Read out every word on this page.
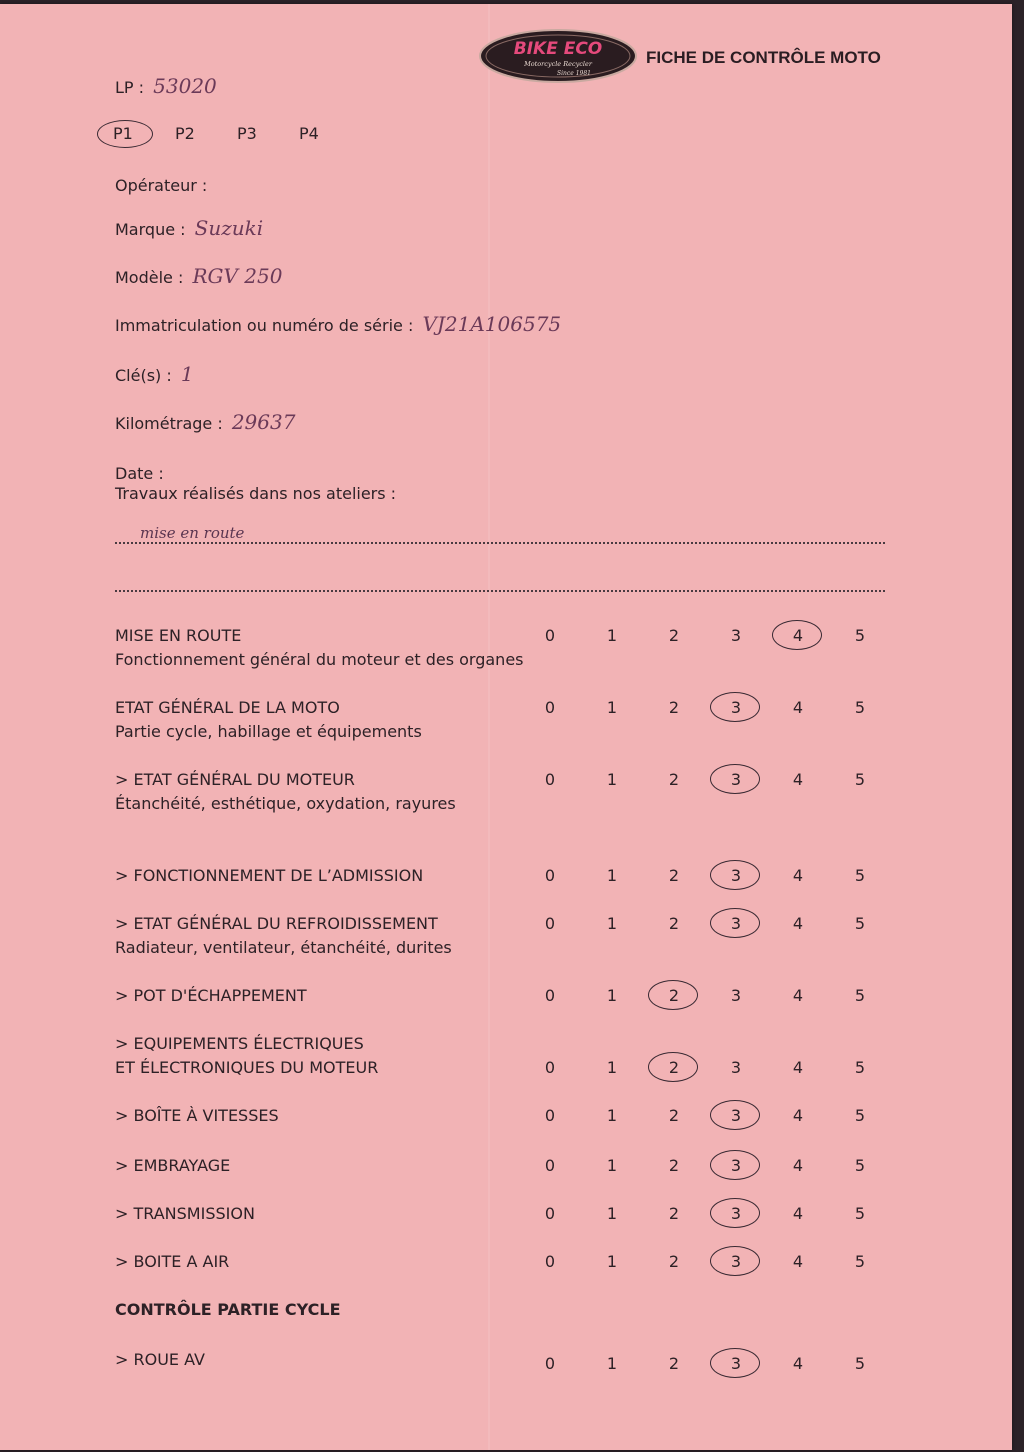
BIKE ECO
Motorcycle Recycler
Since 1981
FICHE DE CONTRÔLE MOTO
LP : 53020
P1	P2	P3	P4
Opérateur :
Marque : Suzuki
Modèle : RGV 250
Immatriculation ou numéro de série : VJ21A106575
Clé(s) : 1
Kilométrage : 29637
Date :
Travaux réalisés dans nos ateliers :
mise en route
MISE EN ROUTE
Fonctionnement général du moteur et des organes
0	1	2	3	4	5
ETAT GÉNÉRAL DE LA MOTO
Partie cycle, habillage et équipements
0	1	2	3	4	5
> ETAT GÉNÉRAL DU MOTEUR
Étanchéité, esthétique, oxydation, rayures
0	1	2	3	4	5
> FONCTIONNEMENT DE L’ADMISSION	0	1	2	3	4	5
> ETAT GÉNÉRAL DU REFROIDISSEMENT
Radiateur, ventilateur, étanchéité, durites
0	1	2	3	4	5
> POT D'ÉCHAPPEMENT	0	1	2	3	4	5
> EQUIPEMENTS ÉLECTRIQUES
ET ÉLECTRONIQUES DU MOTEUR	0	1	2	3	4	5
> BOÎTE À VITESSES	0	1	2	3	4	5
> EMBRAYAGE	0	1	2	3	4	5
> TRANSMISSION	0	1	2	3	4	5
> BOITE A AIR	0	1	2	3	4	5
> ROUE AV	0	1	2	3	4	5
CONTRÔLE PARTIE CYCLE
